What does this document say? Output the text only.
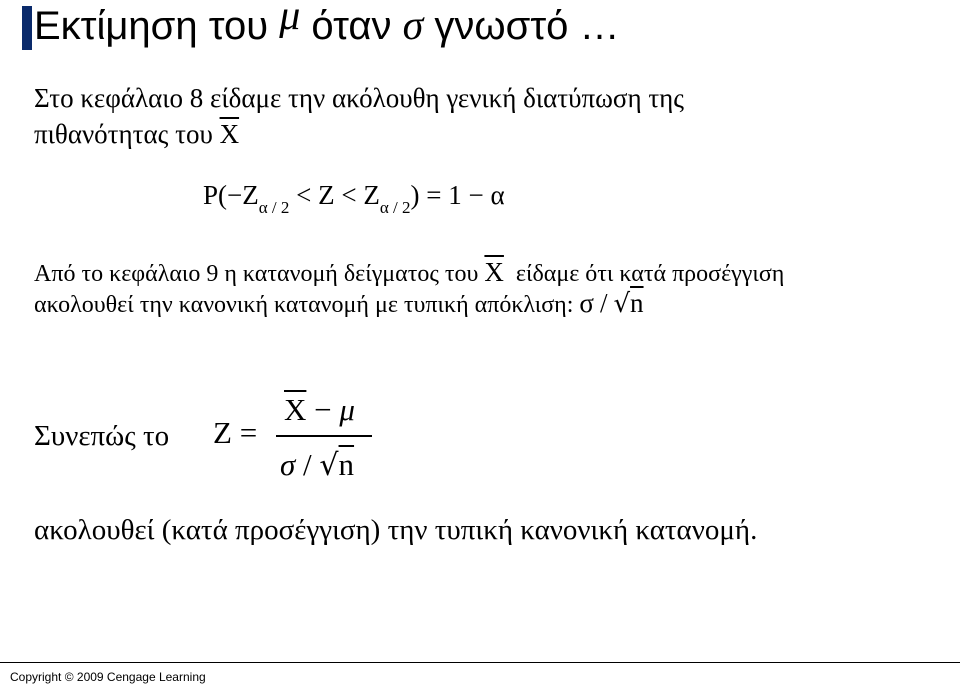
Εκτίμηση του μ όταν σ γνωστό …
Στο κεφάλαιο 8 είδαμε την ακόλουθη γενική διατύπωση της
πιθανότητας του $\overline{X}$
$P(-Z_{\alpha / 2} < Z < Z_{\alpha / 2}) = 1 - \alpha$
Από το κεφάλαιο 9 η κατανομή δείγματος του $\overline{X}$ είδαμε ότι κατά προσέγγιση
ακολουθεί την κανονική κατανομή με τυπική απόκλιση: σ / √n
Συνεπώς το Z =
$\overline{X} - \mu$
σ / √n
ακολουθεί (κατά προσέγγιση) την τυπική κανονική κατανομή.
Copyright © 2009 Cengage Learning
